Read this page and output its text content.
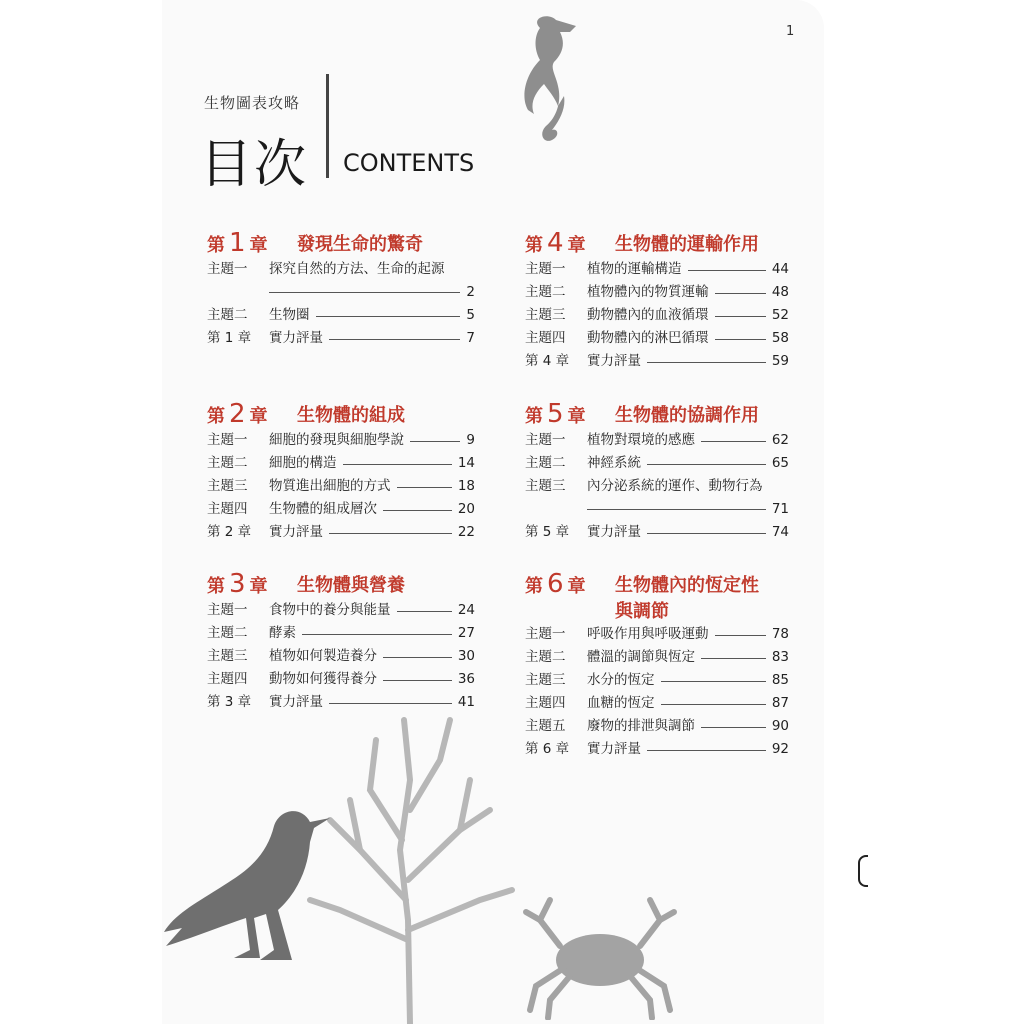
1
生物圖表攻略
目次 CONTENTS
第 1 章 發現生命的驚奇
主題一 探究自然的方法、生命的起源
2
主題二 生物圈	5
第 1 章 實力評量	7
第 2 章 生物體的組成
主題一 細胞的發現與細胞學說	9
主題二 細胞的構造	14
主題三 物質進出細胞的方式	18
主題四 生物體的組成層次	20
第 2 章 實力評量	22
第 3 章 生物體與營養
主題一 食物中的養分與能量	24
主題二 酵素	27
主題三 植物如何製造養分	30
主題四 動物如何獲得養分	36
第 3 章 實力評量	41
第 4 章 生物體的運輸作用
主題一 植物的運輸構造	44
主題二 植物體內的物質運輸	48
主題三 動物體內的血液循環	52
主題四 動物體內的淋巴循環	58
第 4 章 實力評量	59
第 5 章 生物體的協調作用
主題一 植物對環境的感應	62
主題二 神經系統	65
主題三 內分泌系統的運作、動物行為
71
第 5 章 實力評量	74
第 6 章 生物體內的恆定性
與調節
主題一 呼吸作用與呼吸運動	78
主題二 體溫的調節與恆定	83
主題三 水分的恆定	85
主題四 血糖的恆定	87
主題五 廢物的排泄與調節	90
第 6 章 實力評量	92
